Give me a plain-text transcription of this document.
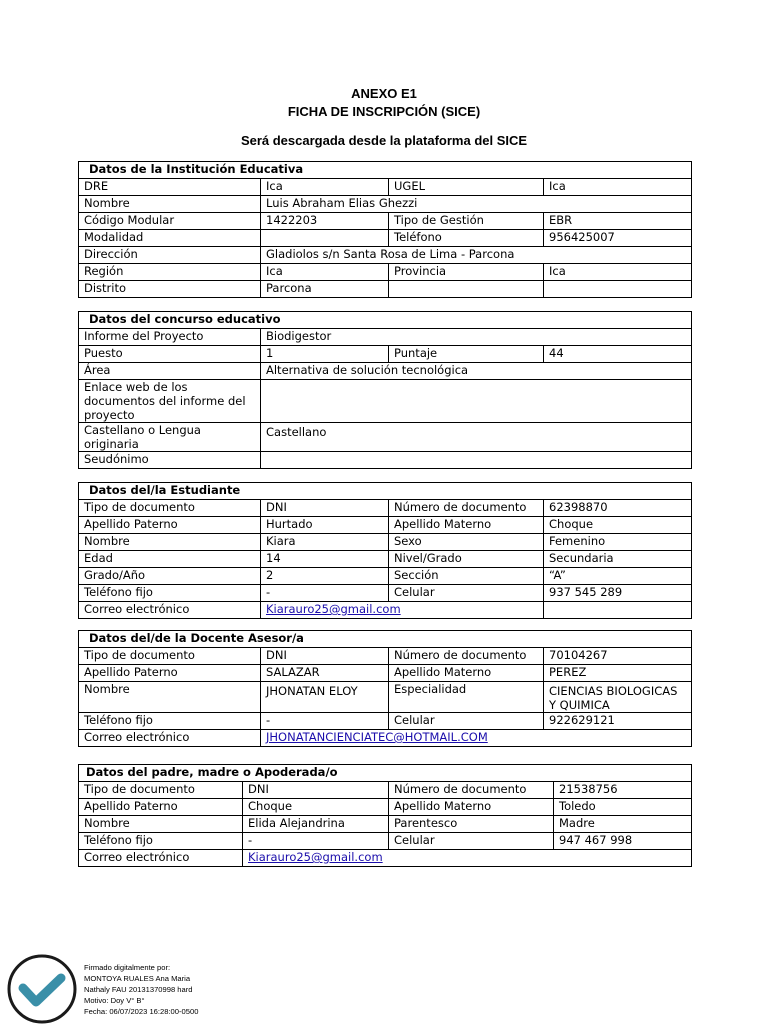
ANEXO E1
FICHA DE INSCRIPCIÓN (SICE)
Será descargada desde la plataforma del SICE
Datos de la Institución Educativa			
DRE	Ica	UGEL	Ica
Nombre	Luis Abraham Elias Ghezzi		
Código Modular	1422203	Tipo de Gestión	EBR
Modalidad		Teléfono	956425007
Dirección	Gladiolos s/n Santa Rosa de Lima - Parcona		
Región	Ica	Provincia	Ica
Distrito	Parcona		
Datos del concurso educativo			
Informe del Proyecto	Biodigestor		
Puesto	1	Puntaje	44
Área	Alternativa de solución tecnológica		
Enlace web de los documentos del informe del proyecto			
Castellano o Lengua originaria	Castellano		
Seudónimo			
Datos del/la Estudiante			
Tipo de documento	DNI	Número de documento	62398870
Apellido Paterno	Hurtado	Apellido Materno	Choque
Nombre	Kiara	Sexo	Femenino
Edad	14	Nivel/Grado	Secundaria
Grado/Año	2	Sección	“A”
Teléfono fijo	-	Celular	937 545 289
Correo electrónico	Kiarauro25@gmail.com		
Datos del/de la Docente Asesor/a			
Tipo de documento	DNI	Número de documento	70104267
Apellido Paterno	SALAZAR	Apellido Materno	PEREZ
Nombre	JHONATAN ELOY	Especialidad	CIENCIAS BIOLOGICAS Y QUIMICA
Teléfono fijo	-	Celular	922629121
Correo electrónico	JHONATANCIENCIATEC@HOTMAIL.COM		
Datos del padre, madre o Apoderada/o			
Tipo de documento	DNI	Número de documento	21538756
Apellido Paterno	Choque	Apellido Materno	Toledo
Nombre	Elida Alejandrina	Parentesco	Madre
Teléfono fijo	-	Celular	947 467 998
Correo electrónico	Kiarauro25@gmail.com		
Firmado digitalmente por:
MONTOYA RUALES Ana Maria
Nathaly FAU 20131370998 hard
Motivo: Doy V° B°
Fecha: 06/07/2023 16:28:00-0500
